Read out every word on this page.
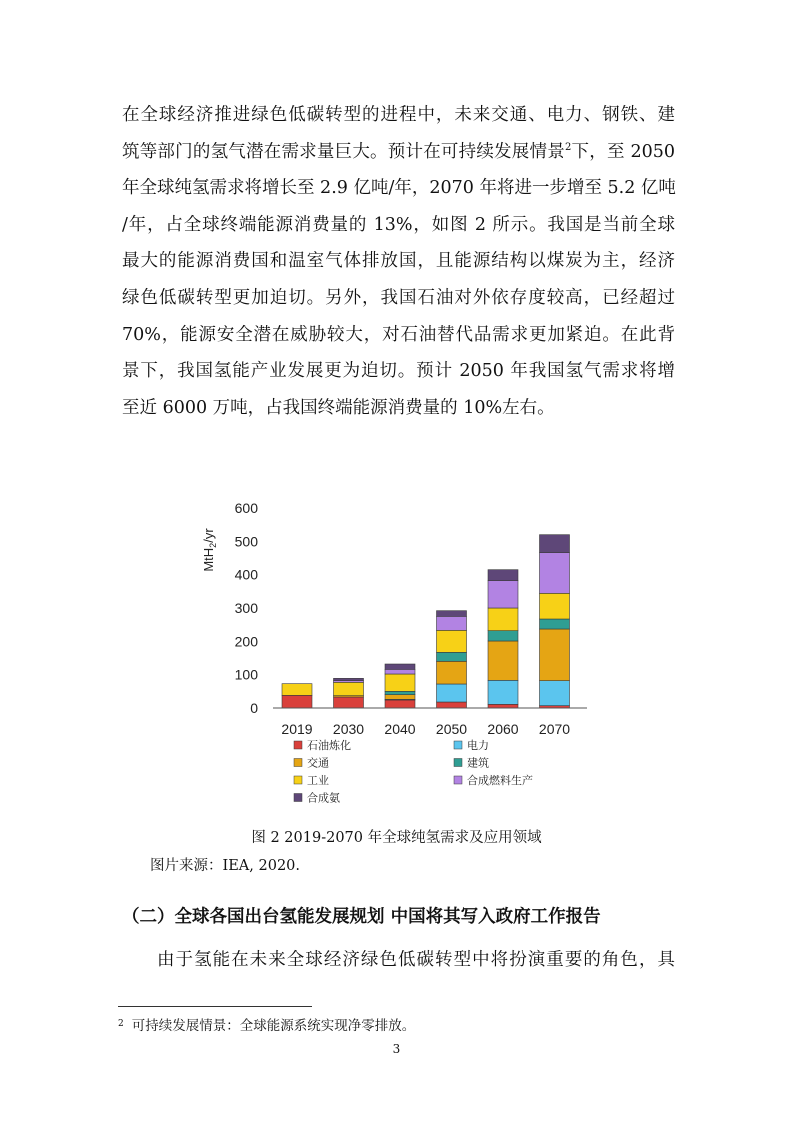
在全球经济推进绿色低碳转型的进程中，未来交通、电力、钢铁、建
筑等部门的氢气潜在需求量巨大。预计在可持续发展情景$^2$下，至 2050
年全球纯氢需求将增长至 2.9 亿吨/年，2070 年将进一步增至 5.2 亿吨
/年，占全球终端能源消费量的 13%，如图 2 所示。我国是当前全球
最大的能源消费国和温室气体排放国，且能源结构以煤炭为主，经济
绿色低碳转型更加迫切。另外，我国石油对外依存度较高，已经超过
70%，能源安全潜在威胁较大，对石油替代品需求更加紧迫。在此背
景下，我国氢能产业发展更为迫切。预计 2050 年我国氢气需求将增
至近 6000 万吨，占我国终端能源消费量的 10%左右。
MtH$_2$/yr
0
100
200
300
400
500
600
2019 2030 2040 2050 2060 2070
石油炼化	电力
交通	建筑
工业	合成燃料生产
合成氨
图 2 2019-2070 年全球纯氢需求及应用领域
图片来源：IEA, 2020.
（二）全球各国出台氢能发展规划 中国将其写入政府工作报告
由于氢能在未来全球经济绿色低碳转型中将扮演重要的角色，具
$^2$ 可持续发展情景：全球能源系统实现净零排放。
3
